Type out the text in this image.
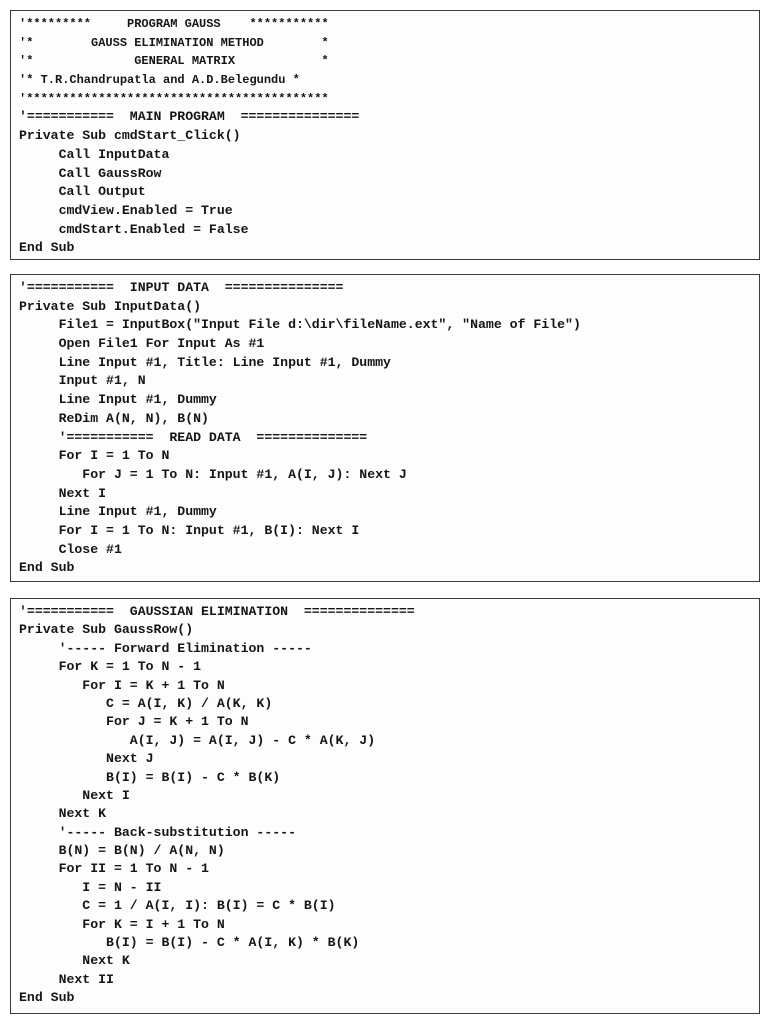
'*********     PROGRAM GAUSS    ***********
'*        GAUSS ELIMINATION METHOD        *
'*              GENERAL MATRIX            *
'* T.R.Chandrupatla and A.D.Belegundu *
'******************************************
'===========  MAIN PROGRAM  ===============
Private Sub cmdStart_Click()
Call InputData
Call GaussRow
Call Output
cmdView.Enabled = True
cmdStart.Enabled = False
End Sub
'===========  INPUT DATA  ===============
Private Sub InputData()
File1 = InputBox("Input File d:\dir\fileName.ext", "Name of File")
Open File1 For Input As #1
Line Input #1, Title: Line Input #1, Dummy
Input #1, N
Line Input #1, Dummy
ReDim A(N, N), B(N)
'===========  READ DATA  ==============
For I = 1 To N
For J = 1 To N: Input #1, A(I, J): Next J
Next I
Line Input #1, Dummy
For I = 1 To N: Input #1, B(I): Next I
Close #1
End Sub
'===========  GAUSSIAN ELIMINATION  ==============
Private Sub GaussRow()
'----- Forward Elimination -----
For K = 1 To N - 1
For I = K + 1 To N
C = A(I, K) / A(K, K)
For J = K + 1 To N
A(I, J) = A(I, J) - C * A(K, J)
Next J
B(I) = B(I) - C * B(K)
Next I
Next K
'----- Back-substitution -----
B(N) = B(N) / A(N, N)
For II = 1 To N - 1
I = N - II
C = 1 / A(I, I): B(I) = C * B(I)
For K = I + 1 To N
B(I) = B(I) - C * A(I, K) * B(K)
Next K
Next II
End Sub
